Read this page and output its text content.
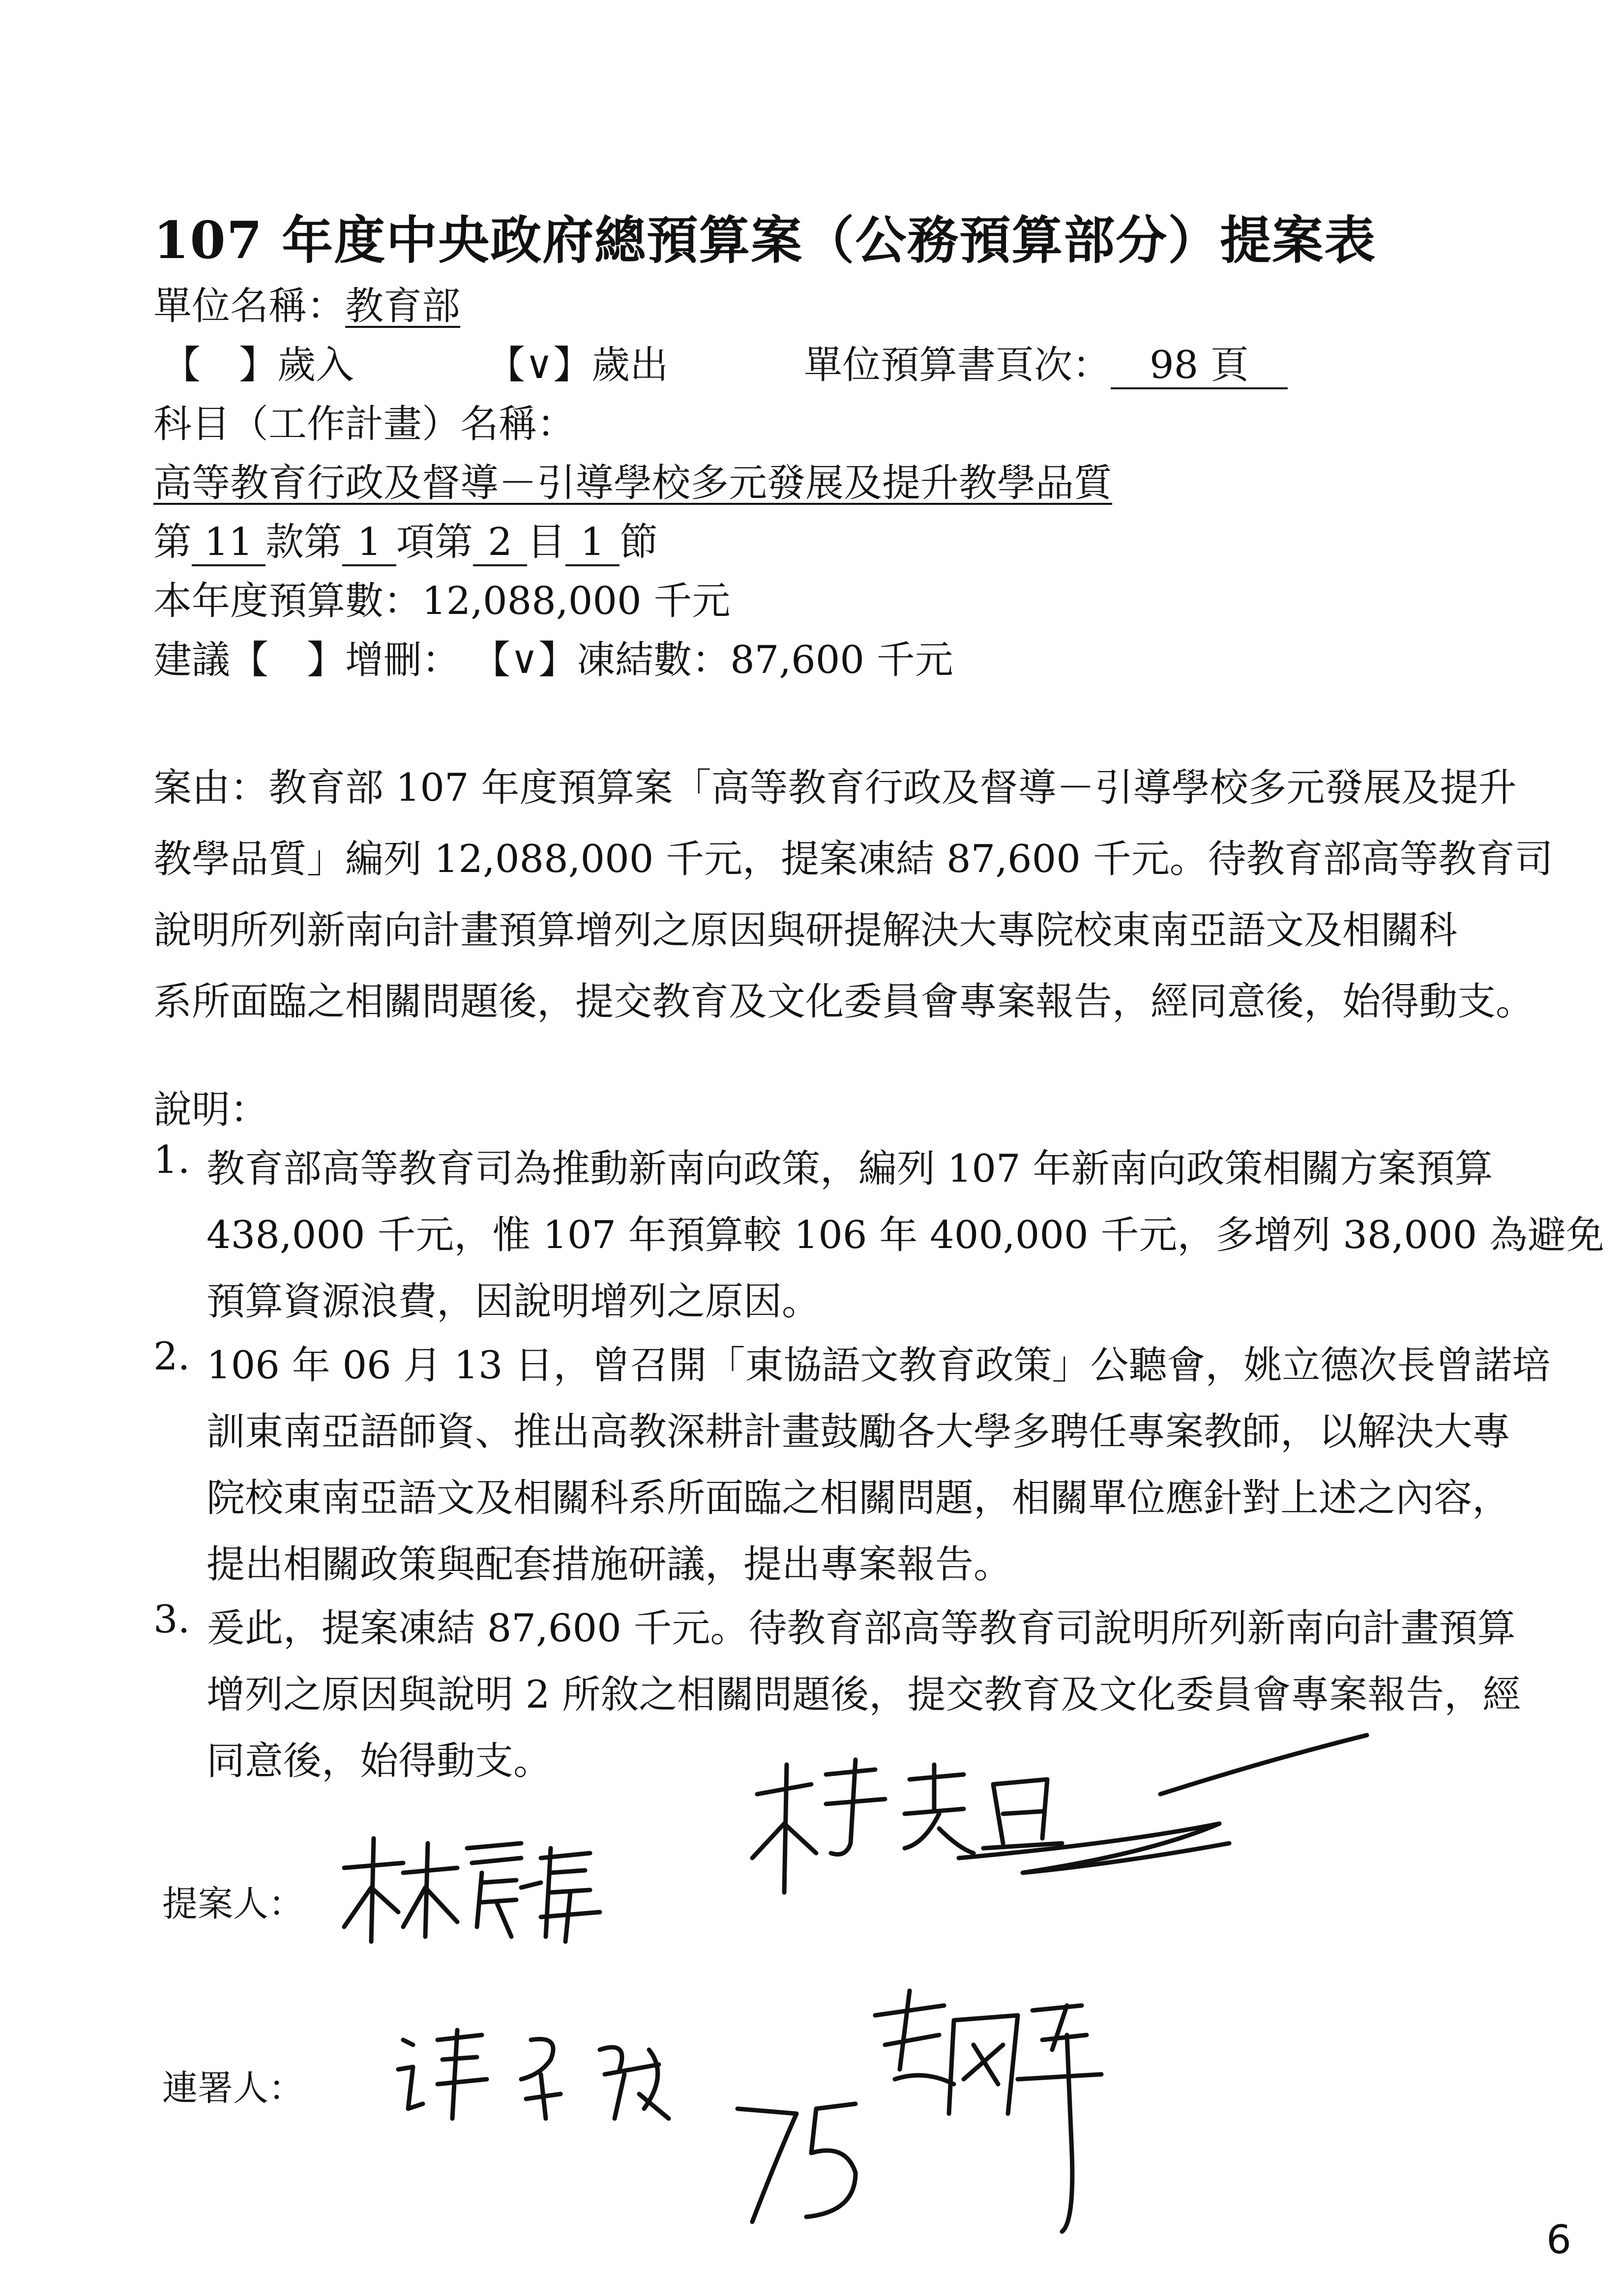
107 年度中央政府總預算案（公務預算部分）提案表
單位名稱：教育部
【　】歲入	【∨】歲出	單位預算書頁次： 98 頁
科目（工作計畫）名稱：
高等教育行政及督導－引導學校多元發展及提升教學品質
第 11 款第 1 項第 2 目 1 節
本年度預算數：12,088,000 千元
建議【　】增刪： 【∨】凍結數：87,600 千元
案由：教育部 107 年度預算案「高等教育行政及督導－引導學校多元發展及提升
教學品質」編列 12,088,000 千元，提案凍結 87,600 千元。待教育部高等教育司
說明所列新南向計畫預算增列之原因與研提解決大專院校東南亞語文及相關科
系所面臨之相關問題後，提交教育及文化委員會專案報告，經同意後，始得動支。
說明：
1. 教育部高等教育司為推動新南向政策，編列 107 年新南向政策相關方案預算
438,000 千元，惟 107 年預算較 106 年 400,000 千元，多增列 38,000 為避免
預算資源浪費，因說明增列之原因。
2. 106 年 06 月 13 日，曾召開「東協語文教育政策」公聽會，姚立德次長曾諾培
訓東南亞語師資、推出高教深耕計畫鼓勵各大學多聘任專案教師，以解決大專
院校東南亞語文及相關科系所面臨之相關問題，相關單位應針對上述之內容，
提出相關政策與配套措施研議，提出專案報告。
3. 爰此，提案凍結 87,600 千元。待教育部高等教育司說明所列新南向計畫預算
增列之原因與說明 2 所敘之相關問題後，提交教育及文化委員會專案報告，經
同意後，始得動支。
提案人：
連署人：
6
